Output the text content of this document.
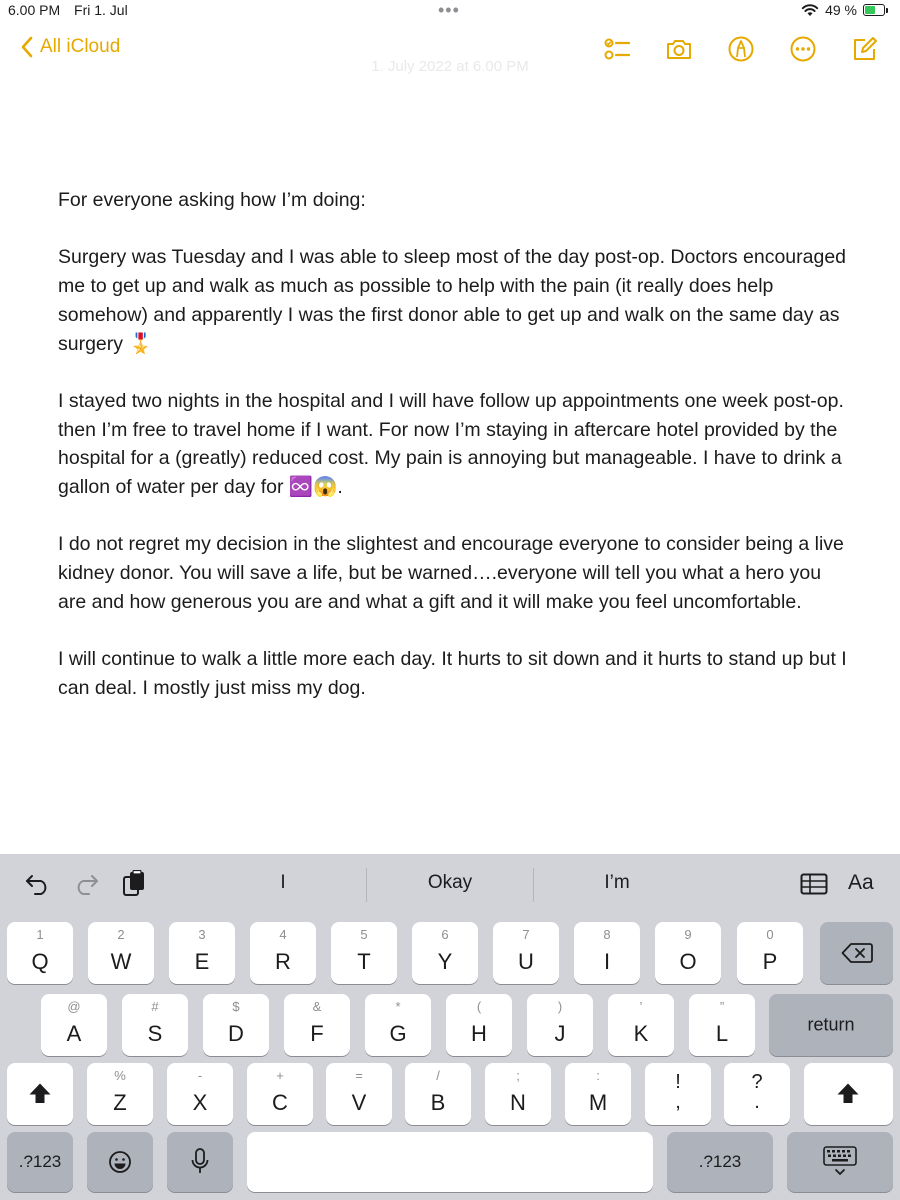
6.00 PM Fri 1. Jul	•••	49 %
All iCloud
1. July 2022 at 6.00 PM

For everyone asking how I’m doing:

Surgery was Tuesday and I was able to sleep most of the day post-op. Doctors encouraged me to get up and walk as much as possible to help with the pain (it really does help somehow) and apparently I was the first donor able to get up and walk on the same day as surgery 🎖️

I stayed two nights in the hospital and I will have follow up appointments one week post-op. then I’m free to travel home if I want. For now I’m staying in aftercare hotel provided by the hospital for a (greatly) reduced cost. My pain is annoying but manageable. I have to drink a gallon of water per day for ♾️😱.

I do not regret my decision in the slightest and encourage everyone to consider being a live kidney donor. You will save a life, but be warned….everyone will tell you what a hero you are and how generous you are and what a gift and it will make you feel uncomfortable.

I will continue to walk a little more each day. It hurts to sit down and it hurts to stand up but I can deal. I mostly just miss my dog.

I	Okay	I’m	Aa
1
Q
2
W
3
E
4
R
5
T
6
Y
7
U
8
I
9
O
0
P
@
A
#
S
$
D
&
F
*
G
(
H
)
J
’
K
”
L	return
%
Z
-
X
+
C
=
V
/
B
;
N
:
M
!
,
?
.
.?123	.?123
